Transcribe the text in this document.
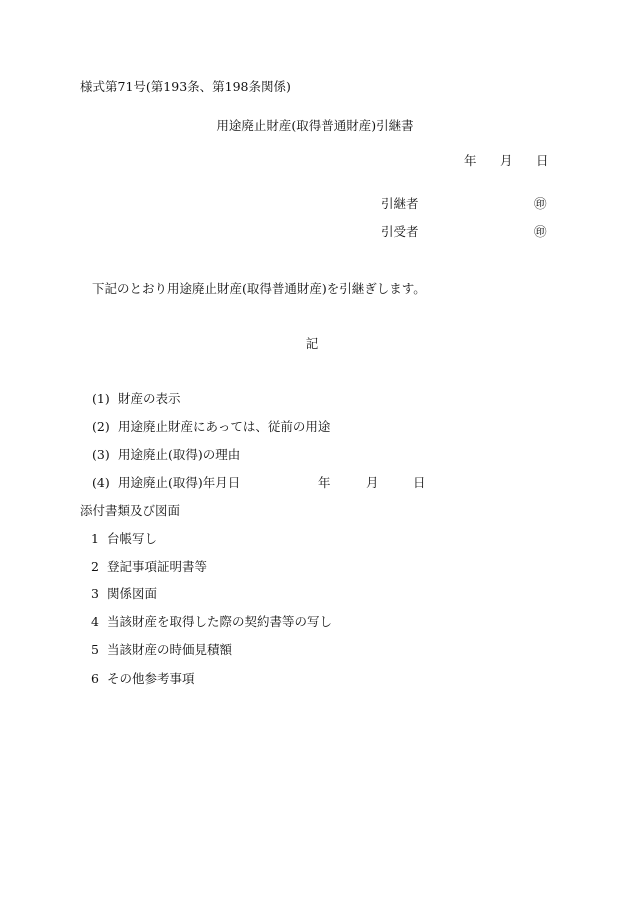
様式第71号(第193条、第198条関係)
用途廃止財産(取得普通財産)引継書
年 月 日
引継者	㊞
引受者	㊞
下記のとおり用途廃止財産(取得普通財産)を引継ぎします。
記
(1) 財産の表示
(2) 用途廃止財産にあっては、従前の用途
(3) 用途廃止(取得)の理由
(4) 用途廃止(取得)年月日	年	月	日
添付書類及び図面
1 台帳写し
2 登記事項証明書等
3 関係図面
4 当該財産を取得した際の契約書等の写し
5 当該財産の時価見積額
6 その他参考事項
